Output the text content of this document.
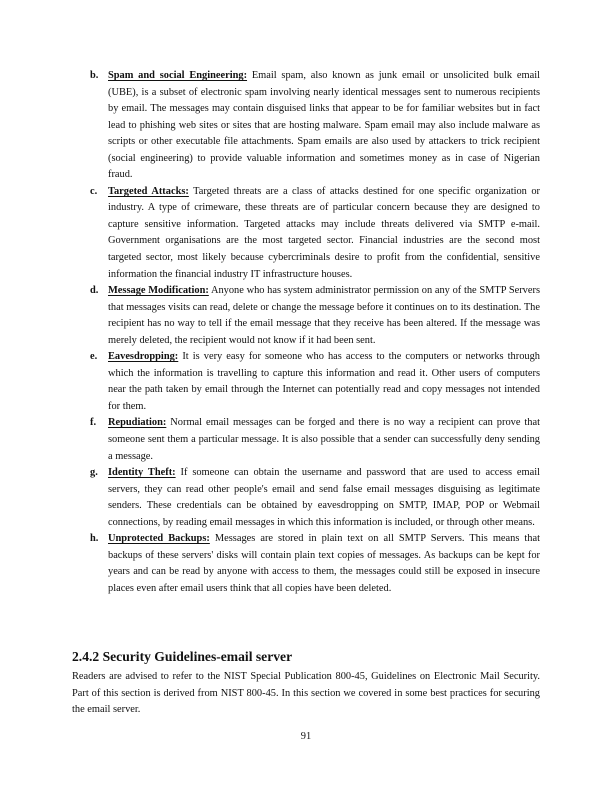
b. Spam and social Engineering: Email spam, also known as junk email or unsolicited bulk email (UBE), is a subset of electronic spam involving nearly identical messages sent to numerous recipients by email. The messages may contain disguised links that appear to be for familiar websites but in fact lead to phishing web sites or sites that are hosting malware. Spam email may also include malware as scripts or other executable file attachments. Spam emails are also used by attackers to trick recipient (social engineering) to provide valuable information and sometimes money as in case of Nigerian fraud.
c. Targeted Attacks: Targeted threats are a class of attacks destined for one specific organization or industry. A type of crimeware, these threats are of particular concern because they are designed to capture sensitive information. Targeted attacks may include threats delivered via SMTP e-mail. Government organisations are the most targeted sector. Financial industries are the second most targeted sector, most likely because cybercriminals desire to profit from the confidential, sensitive information the financial industry IT infrastructure houses.
d. Message Modification: Anyone who has system administrator permission on any of the SMTP Servers that messages visits can read, delete or change the message before it continues on to its destination. The recipient has no way to tell if the email message that they receive has been altered. If the message was merely deleted, the recipient would not know if it had been sent.
e. Eavesdropping: It is very easy for someone who has access to the computers or networks through which the information is travelling to capture this information and read it. Other users of computers near the path taken by email through the Internet can potentially read and copy messages not intended for them.
f. Repudiation: Normal email messages can be forged and there is no way a recipient can prove that someone sent them a particular message. It is also possible that a sender can successfully deny sending a message.
g. Identity Theft: If someone can obtain the username and password that are used to access email servers, they can read other people's email and send false email messages disguising as legitimate senders. These credentials can be obtained by eavesdropping on SMTP, IMAP, POP or Webmail connections, by reading email messages in which this information is included, or through other means.
h. Unprotected Backups: Messages are stored in plain text on all SMTP Servers. This means that backups of these servers' disks will contain plain text copies of messages. As backups can be kept for years and can be read by anyone with access to them, the messages could still be exposed in insecure places even after email users think that all copies have been deleted.
2.4.2 Security Guidelines-email server
Readers are advised to refer to the NIST Special Publication 800-45, Guidelines on Electronic Mail Security. Part of this section is derived from NIST 800-45. In this section we covered in some best practices for securing the email server.
91
